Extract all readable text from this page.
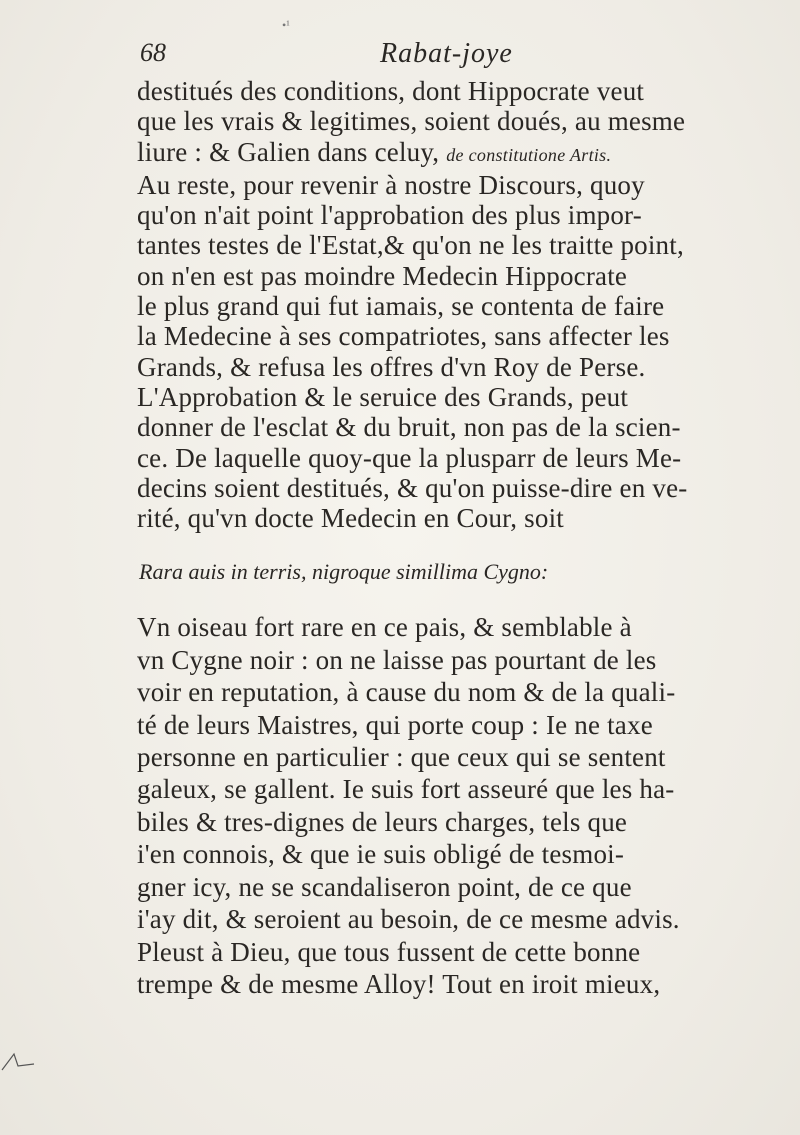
•¹
68	Rabat-joye
destitués des conditions, dont Hippocrate veut
que les vrais & legitimes, soient doués, au mesme
liure : & Galien dans celuy, de constitutione Artis.
Au reste, pour revenir à nostre Discours, quoy
qu'on n'ait point l'approbation des plus impor-
tantes testes de l'Estat,& qu'on ne les traitte point,
on n'en est pas moindre Medecin Hippocrate
le plus grand qui fut iamais, se contenta de faire
la Medecine à ses compatriotes, sans affecter les
Grands, & refusa les offres d'vn Roy de Perse.
L'Approbation & le seruice des Grands, peut
donner de l'esclat & du bruit, non pas de la scien-
ce. De laquelle quoy-que la plusparr de leurs Me-
decins soient destitués, & qu'on puisse-dire en ve-
rité, qu'vn docte Medecin en Cour, soit
Rara auis in terris, nigroque simillima Cygno:
Vn oiseau fort rare en ce pais, & semblable à
vn Cygne noir : on ne laisse pas pourtant de les
voir en reputation, à cause du nom & de la quali-
té de leurs Maistres, qui porte coup : Ie ne taxe
personne en particulier : que ceux qui se sentent
galeux, se gallent. Ie suis fort asseuré que les ha-
biles & tres-dignes de leurs charges, tels que
i'en connois, & que ie suis obligé de tesmoi-
gner icy, ne se scandaliseron point, de ce que
i'ay dit, & seroient au besoin, de ce mesme advis.
Pleust à Dieu, que tous fussent de cette bonne
trempe & de mesme Alloy! Tout en iroit mieux,
